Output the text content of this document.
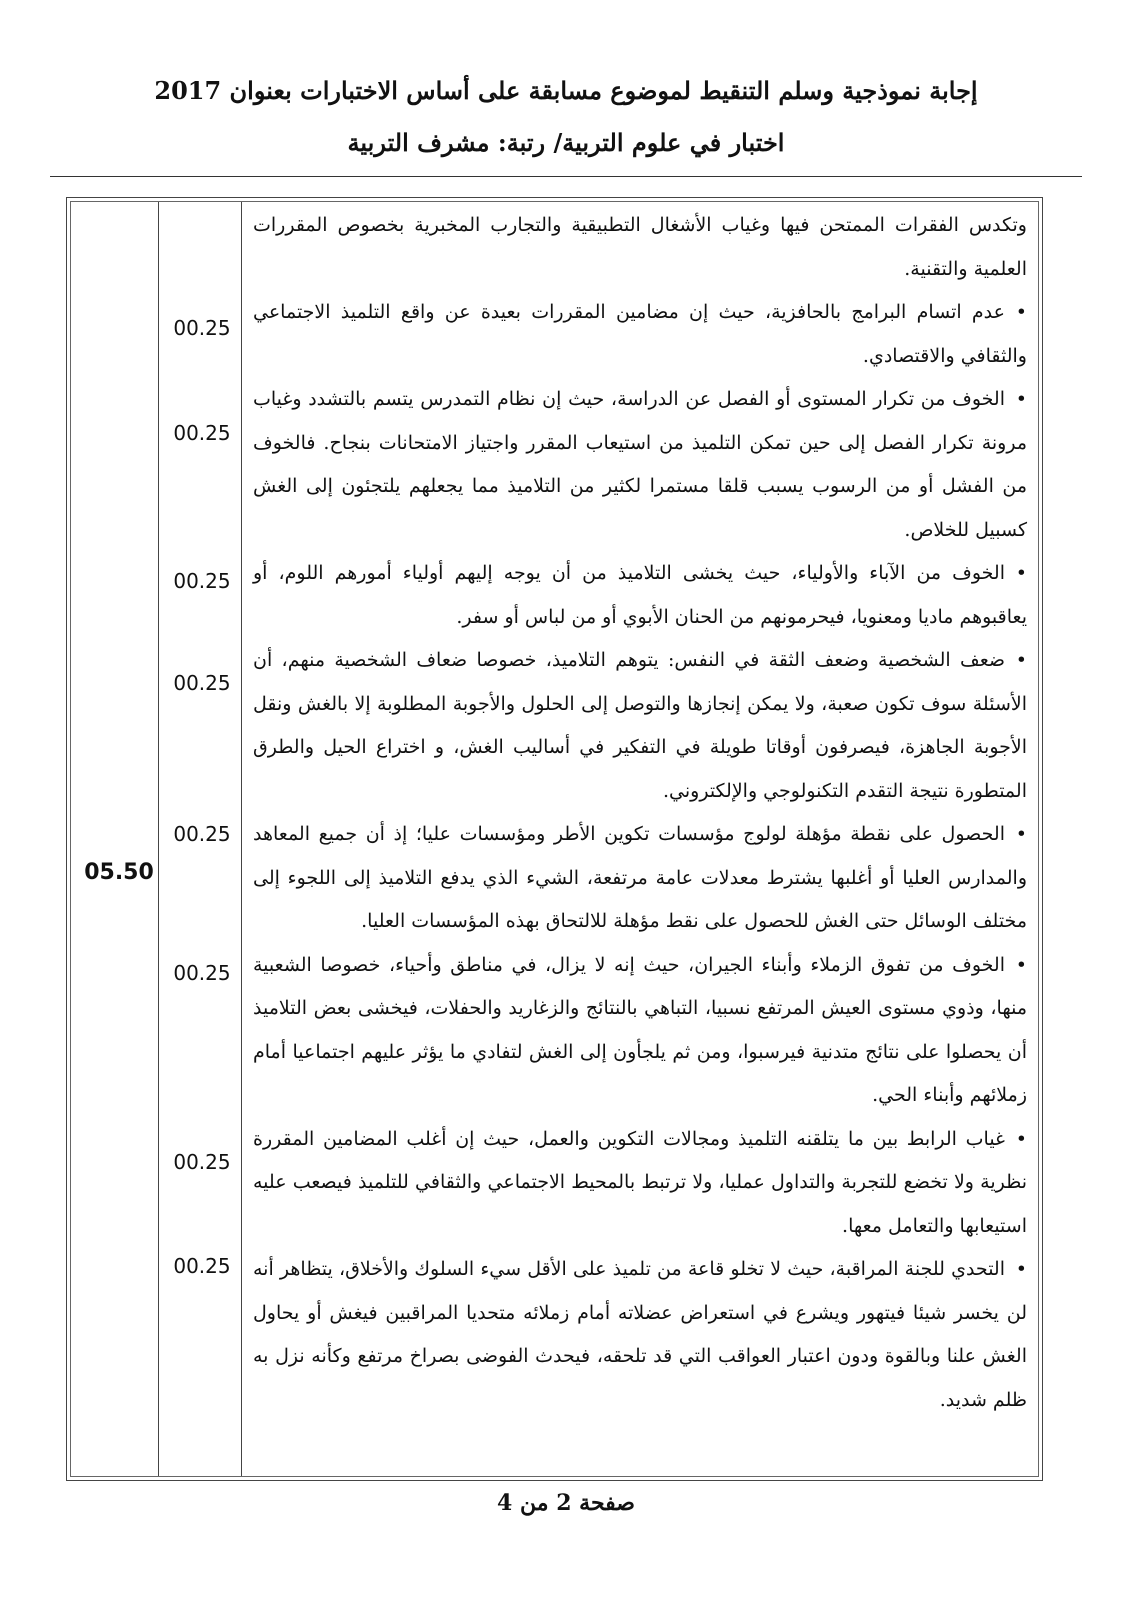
إجابة نموذجية وسلم التنقيط لموضوع مسابقة على أساس الاختبارات بعنوان 2017
اختبار في علوم التربية/ رتبة: مشرف التربية
05.50
00.25
00.25
00.25
00.25
00.25
00.25
00.25
00.25

وتكدس الفقرات الممتحن فيها وغياب الأشغال التطبيقية والتجارب المخبرية بخصوص المقررات العلمية والتقنية.

•عدم اتسام البرامج بالحافزية، حيث إن مضامين المقررات بعيدة عن واقع التلميذ الاجتماعي والثقافي والاقتصادي.

•الخوف من تكرار المستوى أو الفصل عن الدراسة، حيث إن نظام التمدرس يتسم بالتشدد وغياب مرونة تكرار الفصل إلى حين تمكن التلميذ من استيعاب المقرر واجتياز الامتحانات بنجاح. فالخوف من الفشل أو من الرسوب يسبب قلقا مستمرا لكثير من التلاميذ مما يجعلهم يلتجئون إلى الغش كسبيل للخلاص.

•الخوف من الآباء والأولياء، حيث يخشى التلاميذ من أن يوجه إليهم أولياء أمورهم اللوم، أو يعاقبوهم ماديا ومعنويا، فيحرمونهم من الحنان الأبوي أو من لباس أو سفر.

•ضعف الشخصية وضعف الثقة في النفس: يتوهم التلاميذ، خصوصا ضعاف الشخصية منهم، أن الأسئلة سوف تكون صعبة، ولا يمكن إنجازها والتوصل إلى الحلول والأجوبة المطلوبة إلا بالغش ونقل الأجوبة الجاهزة، فيصرفون أوقاتا طويلة في التفكير في أساليب الغش، و اختراع الحيل والطرق المتطورة نتيجة التقدم التكنولوجي والإلكتروني.

•الحصول على نقطة مؤهلة لولوج مؤسسات تكوين الأطر ومؤسسات عليا؛ إذ أن جميع المعاهد والمدارس العليا أو أغلبها يشترط معدلات عامة مرتفعة، الشيء الذي يدفع التلاميذ إلى اللجوء إلى مختلف الوسائل حتى الغش للحصول على نقط مؤهلة للالتحاق بهذه المؤسسات العليا.

•الخوف من تفوق الزملاء وأبناء الجيران، حيث إنه لا يزال، في مناطق وأحياء، خصوصا الشعبية منها، وذوي مستوى العيش المرتفع نسبيا، التباهي بالنتائج والزغاريد والحفلات، فيخشى بعض التلاميذ أن يحصلوا على نتائج متدنية فيرسبوا، ومن ثم يلجأون إلى الغش لتفادي ما يؤثر عليهم اجتماعيا أمام زملائهم وأبناء الحي.

•غياب الرابط بين ما يتلقنه التلميذ ومجالات التكوين والعمل، حيث إن أغلب المضامين المقررة نظرية ولا تخضع للتجربة والتداول عمليا، ولا ترتبط بالمحيط الاجتماعي والثقافي للتلميذ فيصعب عليه استيعابها والتعامل معها.

•التحدي للجنة المراقبة، حيث لا تخلو قاعة من تلميذ على الأقل سيء السلوك والأخلاق، يتظاهر أنه لن يخسر شيئا فيتهور ويشرع في استعراض عضلاته أمام زملائه متحديا المراقبين فيغش أو يحاول الغش علنا وبالقوة ودون اعتبار العواقب التي قد تلحقه، فيحدث الفوضى بصراخ مرتفع وكأنه نزل به ظلم شديد.

صفحة 2 من 4
